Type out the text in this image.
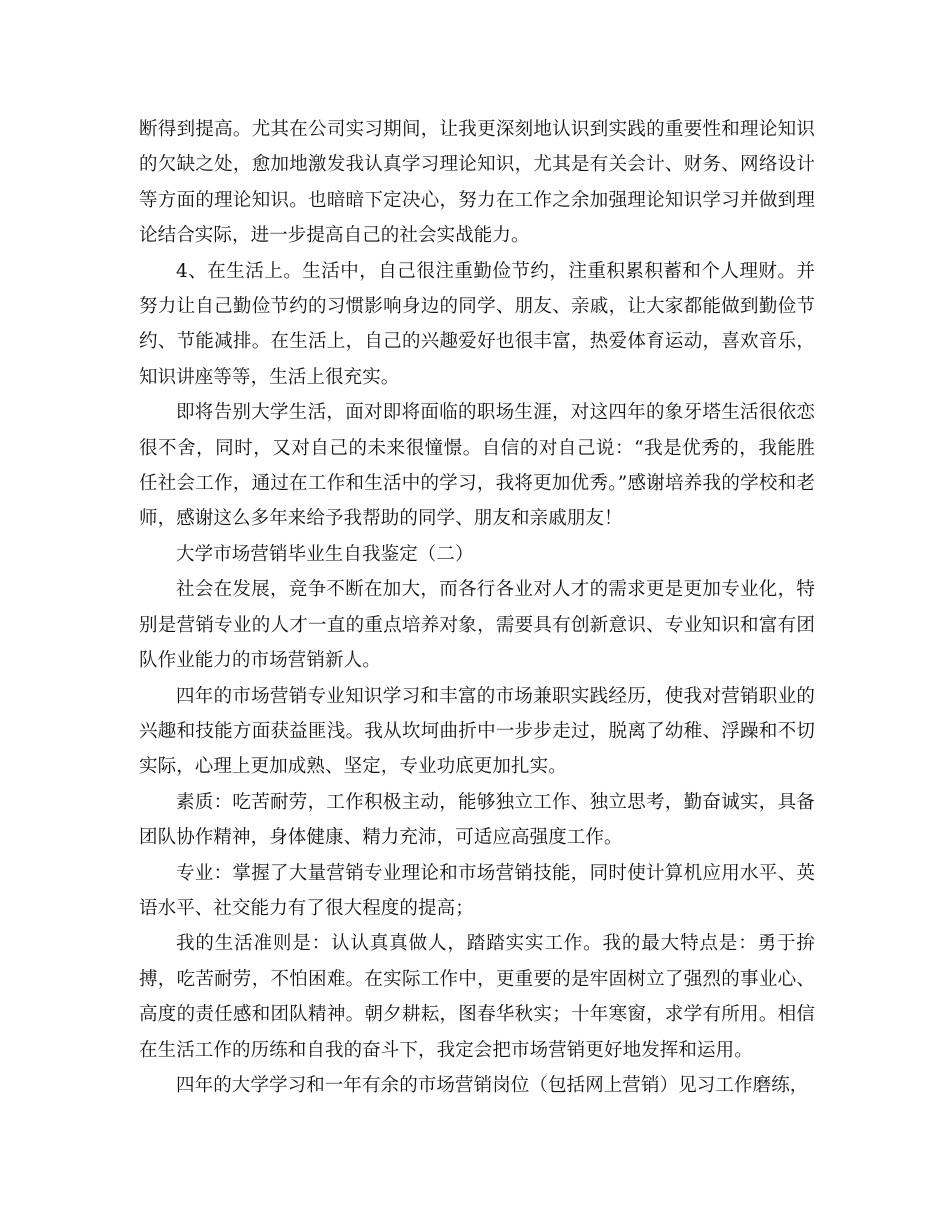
断得到提高。尤其在公司实习期间，让我更深刻地认识到实践的重要性和理论知识的欠缺之处，愈加地激发我认真学习理论知识，尤其是有关会计、财务、网络设计等方面的理论知识。也暗暗下定决心，努力在工作之余加强理论知识学习并做到理论结合实际，进一步提高自己的社会实战能力。

4、在生活上。生活中，自己很注重勤俭节约，注重积累积蓄和个人理财。并努力让自己勤俭节约的习惯影响身边的同学、朋友、亲戚，让大家都能做到勤俭节约、节能减排。在生活上，自己的兴趣爱好也很丰富，热爱体育运动，喜欢音乐，知识讲座等等，生活上很充实。

即将告别大学生活，面对即将面临的职场生涯，对这四年的象牙塔生活很依恋很不舍，同时，又对自己的未来很憧憬。自信的对自己说：“我是优秀的，我能胜任社会工作，通过在工作和生活中的学习，我将更加优秀。”感谢培养我的学校和老师，感谢这么多年来给予我帮助的同学、朋友和亲戚朋友！

大学市场营销毕业生自我鉴定（二）

社会在发展，竞争不断在加大，而各行各业对人才的需求更是更加专业化，特别是营销专业的人才一直的重点培养对象，需要具有创新意识、专业知识和富有团队作业能力的市场营销新人。

四年的市场营销专业知识学习和丰富的市场兼职实践经历，使我对营销职业的兴趣和技能方面获益匪浅。我从坎坷曲折中一步步走过，脱离了幼稚、浮躁和不切实际，心理上更加成熟、坚定，专业功底更加扎实。

素质：吃苦耐劳，工作积极主动，能够独立工作、独立思考，勤奋诚实，具备团队协作精神，身体健康、精力充沛，可适应高强度工作。

专业：掌握了大量营销专业理论和市场营销技能，同时使计算机应用水平、英语水平、社交能力有了很大程度的提高；

我的生活准则是：认认真真做人，踏踏实实工作。我的最大特点是：勇于拚搏，吃苦耐劳，不怕困难。在实际工作中，更重要的是牢固树立了强烈的事业心、高度的责任感和团队精神。朝夕耕耘，图春华秋实；十年寒窗，求学有所用。相信在生活工作的历练和自我的奋斗下，我定会把市场营销更好地发挥和运用。

四年的大学学习和一年有余的市场营销岗位（包括网上营销）见习工作磨练，
